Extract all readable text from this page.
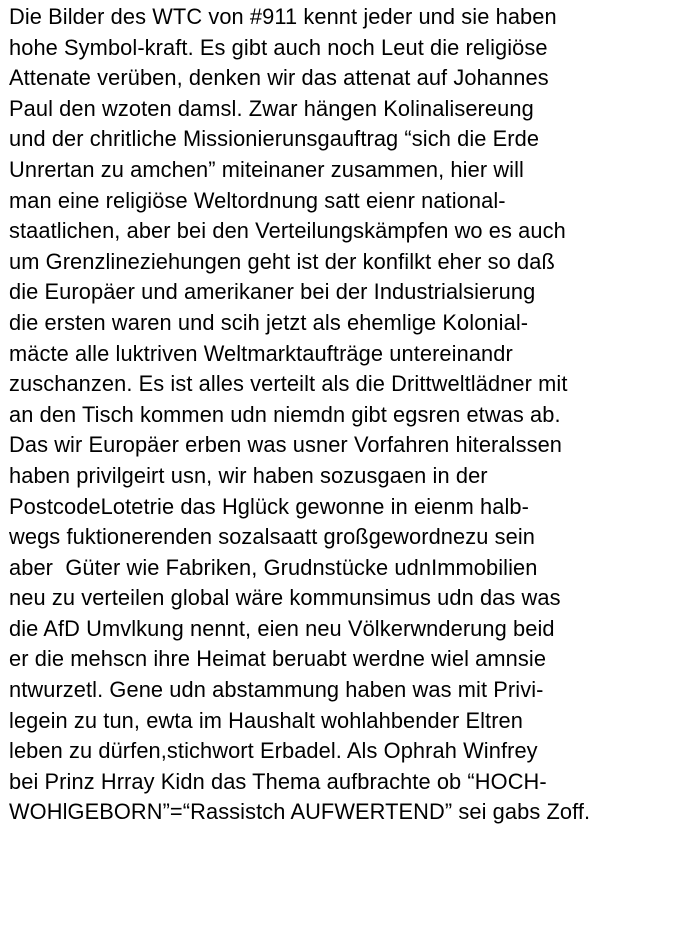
Die Bilder des WTC von #911 kennt jeder und sie haben
hohe Symbol-kraft. Es gibt auch noch Leut die religiöse
Attenate verüben, denken wir das attenat auf Johannes
Paul den wzoten damsl. Zwar hängen Kolinalisereung
und der chritliche Missionierunsgauftrag “sich die Erde
Unrertan zu amchen” miteinaner zusammen, hier will
man eine religiöse Weltordnung satt eienr national-
staatlichen, aber bei den Verteilungskämpfen wo es auch
um Grenzlineziehungen geht ist der konfilkt eher so daß
die Europäer und amerikaner bei der Industrialsierung
die ersten waren und scih jetzt als ehemlige Kolonial-
mäcte alle luktriven Weltmarktaufträge untereinandr
zuschanzen. Es ist alles verteilt als die Drittweltlädner mit
an den Tisch kommen udn niemdn gibt egsren etwas ab.
Das wir Europäer erben was usner Vorfahren hiteralssen
haben privilgeirt usn, wir haben sozusgaen in der
PostcodeLotetrie das Hglück gewonne in eienm halb-
wegs fuktionerenden sozalsaatt großgewordnezu sein
aber  Güter wie Fabriken, Grudnstücke udnImmobilien
neu zu verteilen global wäre kommunsimus udn das was
die AfD Umvlkung nennt, eien neu Völkerwnderung beid
er die mehscn ihre Heimat beruabt werdne wiel amnsie
ntwurzetl. Gene udn abstammung haben was mit Privi-
legein zu tun, ewta im Haushalt wohlahbender Eltren
leben zu dürfen,stichwort Erbadel. Als Ophrah Winfrey
bei Prinz Hrray Kidn das Thema aufbrachte ob “HOCH-
WOHlGEBORN”=“Rassistch AUFWERTEND” sei gabs Zoff.
